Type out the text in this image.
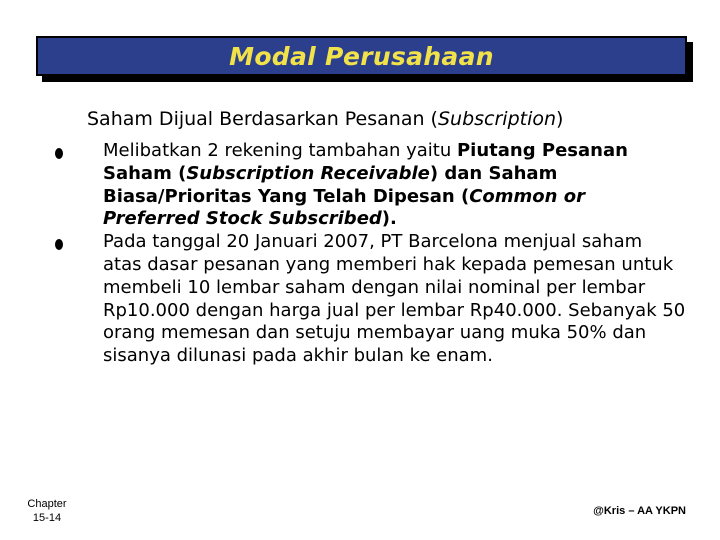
Modal Perusahaan
Saham Dijual Berdasarkan Pesanan (Subscription)
Melibatkan 2 rekening tambahan yaitu Piutang Pesanan Saham (Subscription Receivable) dan Saham Biasa/Prioritas Yang Telah Dipesan (Common or Preferred Stock Subscribed).
Pada tanggal 20 Januari 2007, PT Barcelona menjual saham atas dasar pesanan yang memberi hak kepada pemesan untuk membeli 10 lembar saham dengan nilai nominal per lembar Rp10.000 dengan harga jual per lembar Rp40.000. Sebanyak 50 orang memesan dan setuju membayar uang muka 50% dan sisanya dilunasi pada akhir bulan ke enam.
Chapter
15-14
@Kris – AA YKPN
